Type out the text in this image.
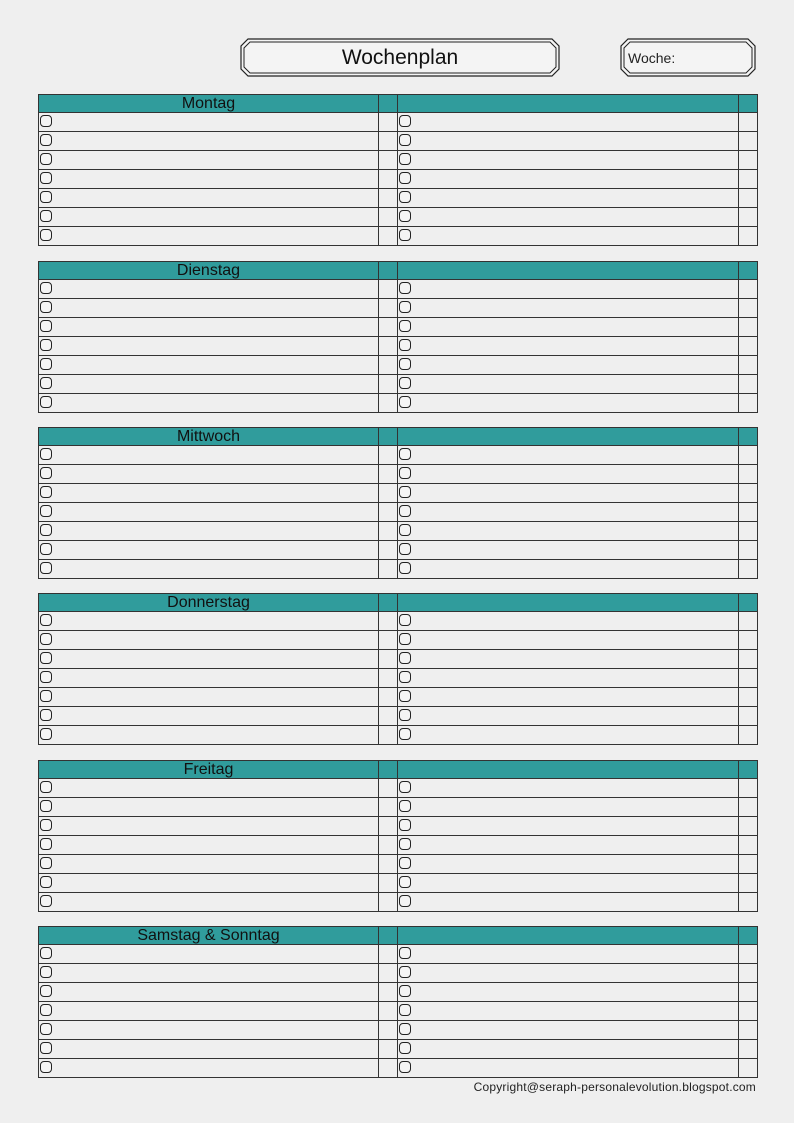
Wochenplan	Woche:
Montag			

Dienstag			

Mittwoch			

Donnerstag			

Freitag			

Samstag & Sonntag			

Copyright@seraph-personalevolution.blogspot.com
